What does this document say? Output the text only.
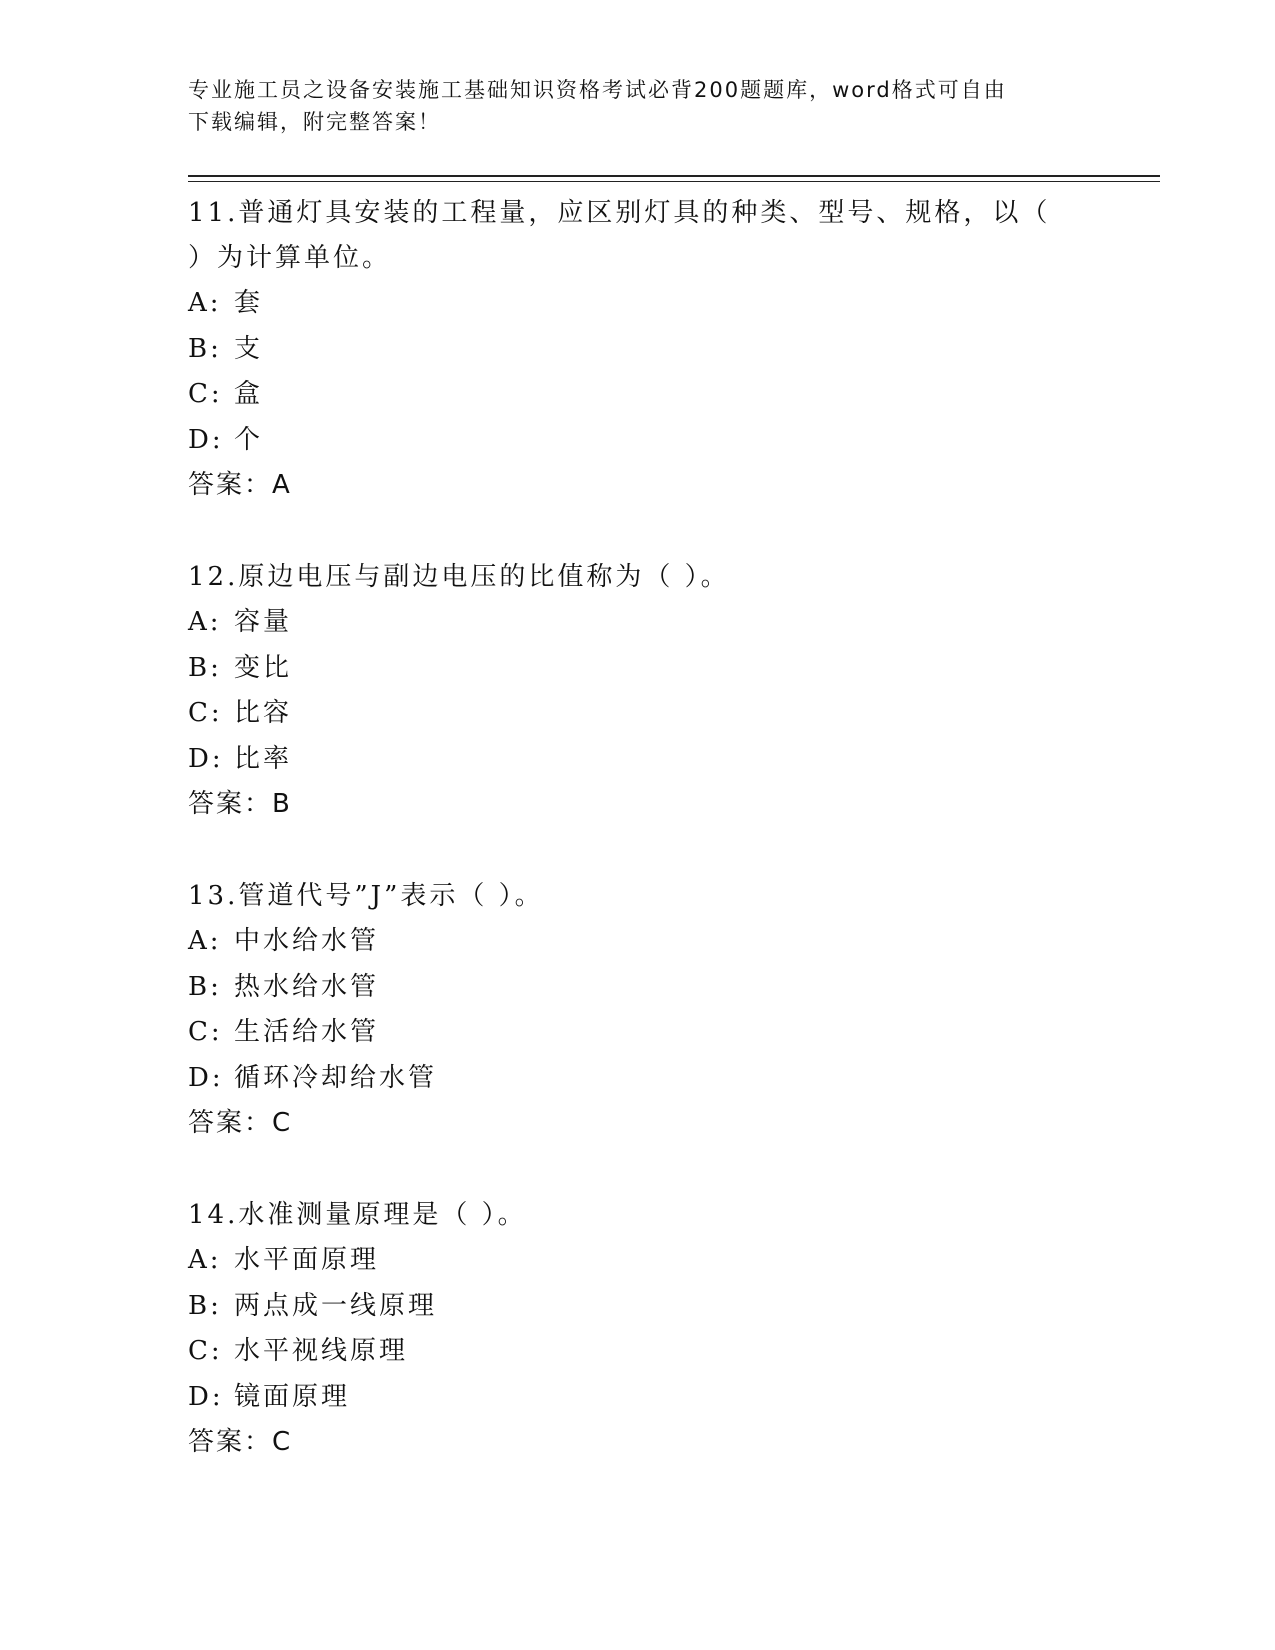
专业施工员之设备安装施工基础知识资格考试必背200题题库，word格式可自由
下载编辑，附完整答案！
11.普通灯具安装的工程量，应区别灯具的种类、型号、规格，以（
）为计算单位。
A: 套
B: 支
C: 盒
D: 个
答案：A
12.原边电压与副边电压的比值称为（ ）。
A: 容量
B: 变比
C: 比容
D: 比率
答案：B
13.管道代号”J”表示（ ）。
A: 中水给水管
B: 热水给水管
C: 生活给水管
D: 循环冷却给水管
答案：C
14.水准测量原理是（ ）。
A: 水平面原理
B: 两点成一线原理
C: 水平视线原理
D: 镜面原理
答案：C
